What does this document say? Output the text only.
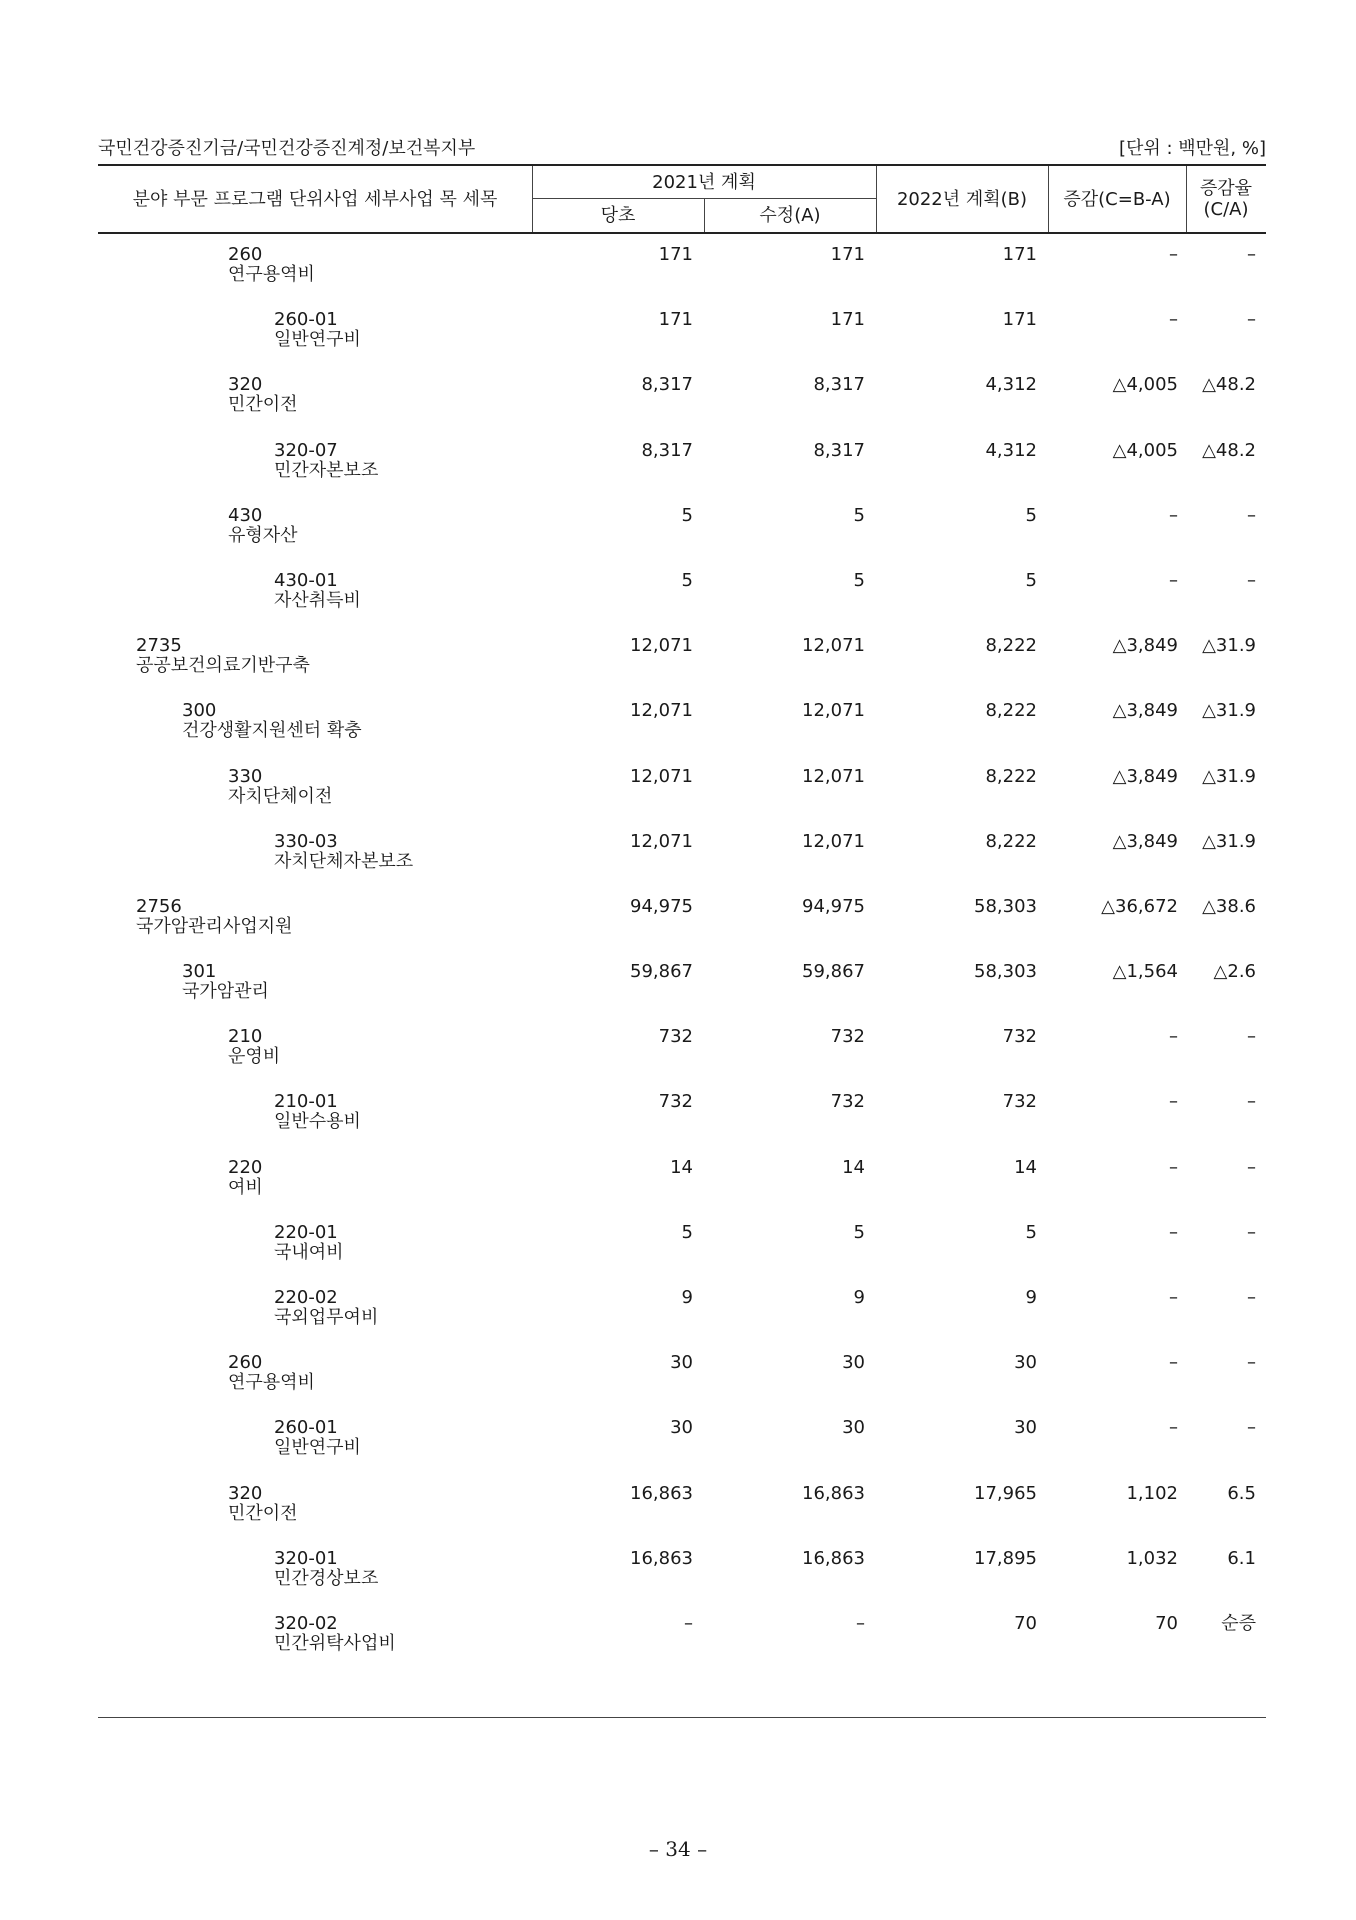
국민건강증진기금/국민건강증진계정/보건복지부	[단위 : 백만원, %]
분야 부문 프로그램 단위사업 세부사업 목 세목
2021년 계획
당초	수정(A)
2022년 계획(B)	증감(C=B-A)	증감율
(C/A)
260
연구용역비
171	171	171	–	–
260-01
일반연구비
171	171	171	–	–
320
민간이전
8,317	8,317	4,312	△4,005 △48.2
320-07
민간자본보조
8,317	8,317	4,312	△4,005 △48.2
430
유형자산
5	5	5	–	–
430-01
자산취득비
5	5	5	–	–
2735
공공보건의료기반구축
12,071	12,071	8,222	△3,849 △31.9
300
건강생활지원센터 확충
12,071	12,071	8,222	△3,849 △31.9
330
자치단체이전
12,071	12,071	8,222	△3,849 △31.9
330-03
자치단체자본보조
12,071	12,071	8,222	△3,849 △31.9
2756
국가암관리사업지원
94,975	94,975	58,303	△36,672 △38.6
301
국가암관리
59,867	59,867	58,303	△1,564 △2.6
210
운영비
732	732	732	–	–
210-01
일반수용비
732	732	732	–	–
220
여비
14	14	14	–	–
220-01
국내여비
5	5	5	–	–
220-02
국외업무여비
9	9	9	–	–
260
연구용역비
30	30	30	–	–
260-01
일반연구비
30	30	30	–	–
320
민간이전
16,863	16,863	17,965	1,102	6.5
320-01
민간경상보조
16,863	16,863	17,895	1,032	6.1
320-02
민간위탁사업비
–	–	70	70 순증
– 34 –
